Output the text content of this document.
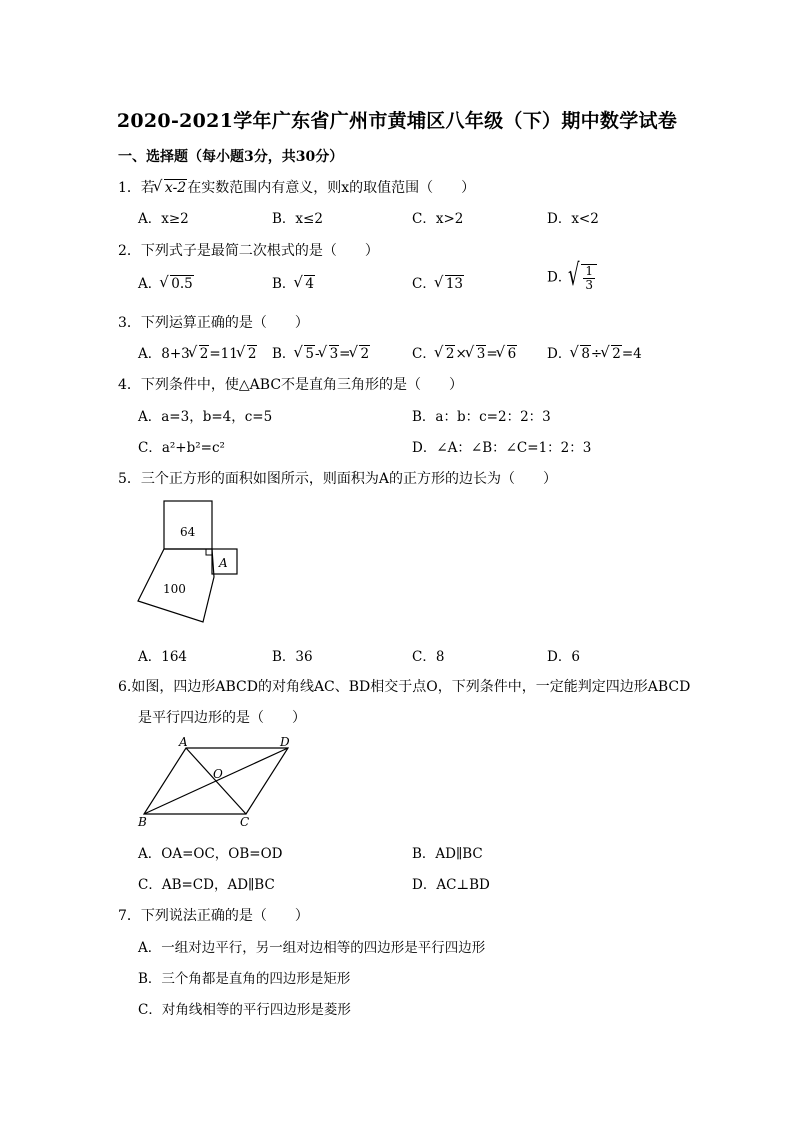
2020-2021学年广东省广州市黄埔区八年级（下）期中数学试卷
一、选择题（每小题3分，共30分）
1．若 √ x-2在实数范围内有意义，则x的取值范围（　　）
A．x≥2	B．x≤2	C．x>2	D．x<2
2．下列式子是最简二次根式的是（　　）
A． √ 0.5	B． √ 4	C． √ 13	D． √ $\frac{1}{3}$
3．下列运算正确的是（　　）
A．8+3 √ 2=11 √ 2 B． √ 5- √ 3= √ 2	C． √ 2× √ 3= √ 6 D． √ 8÷ √ 2=4
4．下列条件中，使△ABC不是直角三角形的是（　　）
A．a=3，b=4，c=5	B．a：b：c=2：2：3
C．a²+b²=c²	D．∠A：∠B：∠C=1：2：3
5．三个正方形的面积如图所示，则面积为A的正方形的边长为（　　）
64
100
A
A．164	B．36	C．8	D．6
6.如图，四边形ABCD的对角线AC、BD相交于点O，下列条件中，一定能判定四边形ABCD
是平行四边形的是（　　）
A	D
B	C
O
A．OA=OC，OB=OD	B．AD∥BC
C．AB=CD，AD∥BC	D．AC⊥BD
7．下列说法正确的是（　　）
A．一组对边平行，另一组对边相等的四边形是平行四边形
B．三个角都是直角的四边形是矩形
C．对角线相等的平行四边形是菱形
